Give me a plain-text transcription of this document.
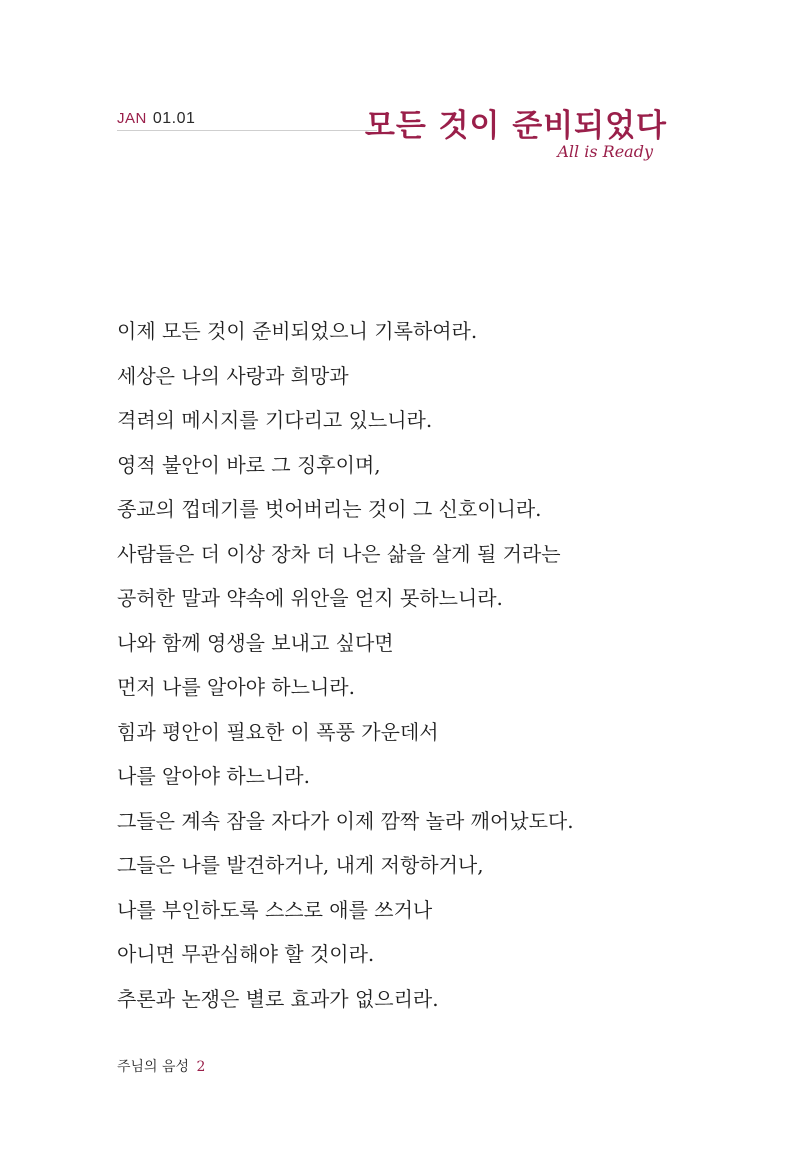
JAN 01.01	모든 것이 준비되었다
All is Ready
이제 모든 것이 준비되었으니 기록하여라.
세상은 나의 사랑과 희망과
격려의 메시지를 기다리고 있느니라.
영적 불안이 바로 그 징후이며,
종교의 껍데기를 벗어버리는 것이 그 신호이니라.
사람들은 더 이상 장차 더 나은 삶을 살게 될 거라는
공허한 말과 약속에 위안을 얻지 못하느니라.
나와 함께 영생을 보내고 싶다면
먼저 나를 알아야 하느니라.
힘과 평안이 필요한 이 폭풍 가운데서
나를 알아야 하느니라.
그들은 계속 잠을 자다가 이제 깜짝 놀라 깨어났도다.
그들은 나를 발견하거나, 내게 저항하거나,
나를 부인하도록 스스로 애를 쓰거나
아니면 무관심해야 할 것이라.
추론과 논쟁은 별로 효과가 없으리라.
주님의 음성 2
